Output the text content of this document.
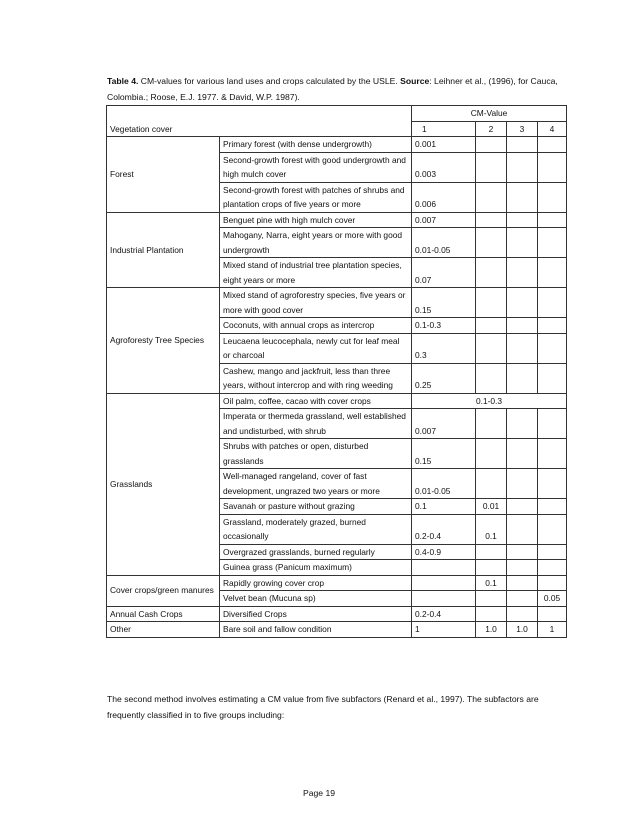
Table 4. CM-values for various land uses and crops calculated by the USLE. Source: Leihner et al., (1996), for Cauca, Colombia.; Roose, E.J. 1977. & David, W.P. 1987).
Vegetation cover		CM-Value			
		1	2	3	4
Forest	Primary forest (with dense undergrowth)	0.001			
	Second-growth forest with good undergrowth and high mulch cover	0.003			
	Second-growth forest with patches of shrubs and plantation crops of five years or more	0.006			
Industrial Plantation	Benguet pine with high mulch cover	0.007			
	Mahogany, Narra, eight years or more with good undergrowth	0.01-0.05			
	Mixed stand of industrial tree plantation species, eight years or more	0.07			
Agroforesty Tree Species	Mixed stand of agroforestry species, five years or more with good cover	0.15			
	Coconuts, with annual crops as intercrop	0.1-0.3			
	Leucaena leucocephala, newly cut for leaf meal or charcoal	0.3			
	Cashew, mango and jackfruit, less than three years, without intercrop and with ring weeding	0.25			
Grasslands	Oil palm, coffee, cacao with cover crops	0.1-0.3			
	Imperata or thermeda grassland, well established and undisturbed, with shrub	0.007			
	Shrubs with patches or open, disturbed grasslands	0.15			
	Well-managed rangeland, cover of fast development, ungrazed two years or more	0.01-0.05			
	Savanah or pasture without grazing	0.1	0.01		
	Grassland, moderately grazed, burned occasionally	0.2-0.4	0.1		
	Overgrazed grasslands, burned regularly	0.4-0.9			
	Guinea grass (Panicum maximum)				
Cover crops/green manures	Rapidly growing cover crop		0.1		
	Velvet bean (Mucuna sp)				0.05
Annual Cash Crops	Diversified Crops	0.2-0.4			
Other	Bare soil and fallow condition	1	1.0	1.0	1
The second method involves estimating a CM value from five subfactors (Renard et al., 1997). The subfactors are frequently classified in to five groups including:
Page 19
